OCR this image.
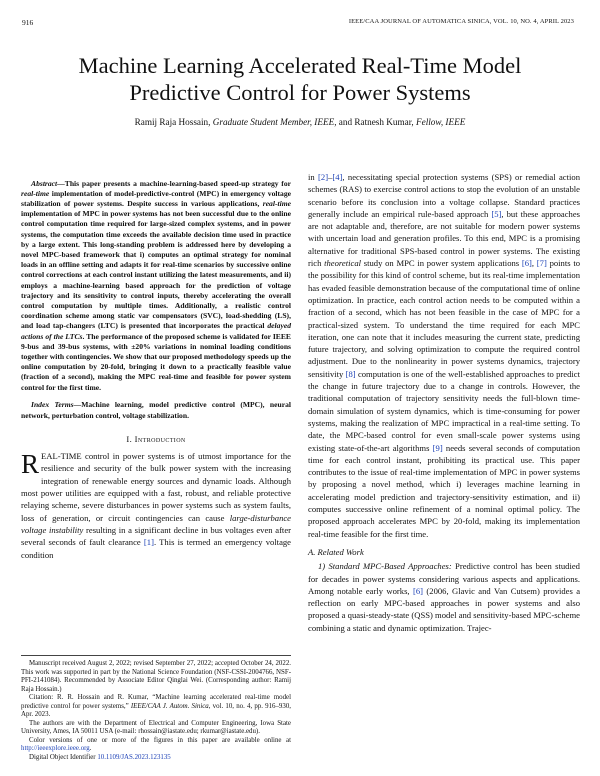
916	IEEE/CAA JOURNAL OF AUTOMATICA SINICA, VOL. 10, NO. 4, APRIL 2023
Machine Learning Accelerated Real-Time Model
Predictive Control for Power Systems
Ramij Raja Hossain, Graduate Student Member, IEEE, and Ratnesh Kumar, Fellow, IEEE

Abstract—This paper presents a machine-learning-based speed-up strategy for real-time implementation of model-predictive-control (MPC) in emergency voltage stabilization of power systems. Despite success in various applications, real-time implementation of MPC in power systems has not been successful due to the online control computation time required for large-sized complex systems, and in power systems, the computation time exceeds the available decision time used in practice by a large extent. This long-standing problem is addressed here by developing a novel MPC-based framework that i) computes an optimal strategy for nominal loads in an offline setting and adapts it for real-time scenarios by successive online control corrections at each control instant utilizing the latest measurements, and ii) employs a machine-learning based approach for the prediction of voltage trajectory and its sensitivity to control inputs, thereby accelerating the overall control computation by multiple times. Additionally, a realistic control coordination scheme among static var compensators (SVC), load-shedding (LS), and load tap-changers (LTC) is presented that incorporates the practical delayed actions of the LTCs. The performance of the proposed scheme is validated for IEEE 9-bus and 39-bus systems, with ±20% variations in nominal loading conditions together with contingencies. We show that our proposed methodology speeds up the online computation by 20-fold, bringing it down to a practically feasible value (fraction of a second), making the MPC real-time and feasible for power system control for the first time.

Index Terms—Machine learning, model predictive control (MPC), neural network, perturbation control, voltage stabilization.

I. Introduction

REAL-TIME control in power systems is of utmost importance for the resilience and security of the bulk power system with the increasing integration of renewable energy sources and dynamic loads. Although most power utilities are equipped with a fast, robust, and reliable protective relaying scheme, severe disturbances in power systems such as system faults, loss of generation, or circuit contingencies can cause large-disturbance voltage instability resulting in a significant decline in bus voltages even after several seconds of fault clearance [1]. This is termed an emergency voltage condition

Manuscript received August 2, 2022; revised September 27, 2022; accepted October 24, 2022. This work was supported in part by the National Science Foundation (NSF-CSSI-2004766, NSF-PFI-2141084). Recommended by Associate Editor Qinglai Wei. (Corresponding author: Ramij Raja Hossain.)

Citation: R. R. Hossain and R. Kumar, “Machine learning accelerated real-time model predictive control for power systems,” IEEE/CAA J. Autom. Sinica, vol. 10, no. 4, pp. 916–930, Apr. 2023.

The authors are with the Department of Electrical and Computer Engineering, Iowa State University, Ames, IA 50011 USA (e-mail: rhossain@iastate.edu; rkumar@iastate.edu).

Color versions of one or more of the figures in this paper are available online at http://ieeexplore.ieee.org.

Digital Object Identifier 10.1109/JAS.2023.123135

in [2]–[4], necessitating special protection systems (SPS) or remedial action schemes (RAS) to exercise control actions to stop the evolution of an unstable scenario before its conclusion into a voltage collapse. Standard practices generally include an empirical rule-based approach [5], but these approaches are not adaptable and, therefore, are not suitable for modern power systems with uncertain load and generation profiles. To this end, MPC is a promising alternative for traditional SPS-based control in power systems. The existing rich theoretical study on MPC in power system applications [6], [7] points to the possibility for this kind of control scheme, but its real-time implementation has evaded feasible demonstration because of the computational time of online optimization. In practice, each control action needs to be computed within a fraction of a second, which has not been feasible in the case of MPC for a practical-sized system. To understand the time required for each MPC iteration, one can note that it includes measuring the current state, predicting future trajectory, and solving optimization to compute the required control adjustment. Due to the nonlinearity in power systems dynamics, trajectory sensitivity [8] computation is one of the well-established approaches to predict the change in future trajectory due to a change in controls. However, the traditional computation of trajectory sensitivity needs the full-blown time-domain simulation of system dynamics, which is time-consuming for power systems, making the realization of MPC impractical in a real-time setting. To date, the MPC-based control for even small-scale power systems using existing state-of-the-art algorithms [9] needs several seconds of computation time for each control instant, prohibiting its practical use. This paper contributes to the issue of real-time implementation of MPC in power systems by proposing a novel method, which i) leverages machine learning in accelerating model prediction and trajectory-sensitivity estimation, and ii) computes successive online refinement of a nominal optimal policy. The proposed approach accelerates MPC by 20-fold, making its implementation real-time feasible for the first time.

A. Related Work

1) Standard MPC-Based Approaches: Predictive control has been studied for decades in power systems considering various aspects and applications. Among notable early works, [6] (2006, Glavic and Van Cutsem) provides a reflection on early MPC-based approaches in power systems and also proposed a quasi-steady-state (QSS) model and sensitivity-based MPC-scheme combining a static and dynamic optimization. Trajec-
